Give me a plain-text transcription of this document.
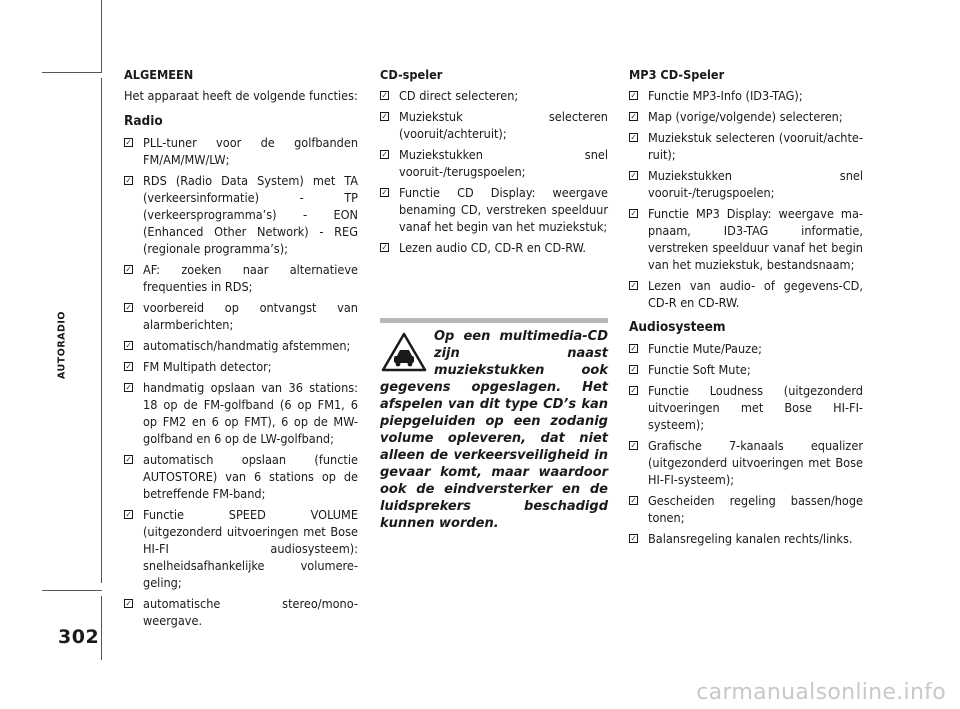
AUTORADIO
302
ALGEMEEN

Het apparaat heeft de volgende functies:

Radio
✓
PLL-tuner voor de golfbanden FM/AM/MW/LW;
✓
RDS (Radio Data System) met TA (verkeersinformatie) - TP (verkeersprogramma’s) - EON (Enhanced Other Network) - REG (regionale programma’s);
✓
AF: zoeken naar alternatieve frequenties in RDS;
✓
voorbereid op ontvangst van alarmberichten;
✓
automatisch/handmatig afstemmen;
✓
FM Multipath detector;
✓
handmatig opslaan van 36 stations: 18 op de FM-golfband (6 op FM1, 6 op FM2 en 6 op FMT), 6 op de MW-golfband en 6 op de LW-golfband;
✓
automatisch opslaan (functie AUTOSTORE) van 6 stations op de betreffende FM-band;
✓
Functie SPEED VOLUME (uitgezonderd uitvoeringen met Bose HI-FI audiosysteem): snelheidsafhankelijke volumeregeling;
✓
automatische stereo/mono-weergave.
CD-speler
✓
CD direct selecteren;
✓
Muziekstuk selecteren (vooruit/achteruit);
✓
Muziekstukken snel vooruit-/terugspoelen;
✓
Functie CD Display: weergave benaming CD, verstreken speelduur vanaf het begin van het muziekstuk;
✓
Lezen audio CD, CD-R en CD-RW.
Op een multimedia-CD zijn naast muziekstukken ook gegevens opgeslagen. Het afspelen van dit type CD’s kan piepgeluiden op een zodanig volume opleveren, dat niet alleen de verkeersveiligheid in gevaar komt, maar waardoor ook de eindversterker en de luidsprekers beschadigd kunnen worden.
MP3 CD-Speler
✓
Functie MP3-Info (ID3-TAG);
✓
Map (vorige/volgende) selecteren;
✓
Muziekstuk selecteren (vooruit/achteruit);
✓
Muziekstukken snel vooruit-/terugspoelen;
✓
Functie MP3 Display: weergave mapnaam, ID3-TAG informatie, verstreken speelduur vanaf het begin van het muziekstuk, bestandsnaam;
✓
Lezen van audio- of gegevens-CD, CD-R en CD-RW.
Audiosysteem
✓
Functie Mute/Pauze;
✓
Functie Soft Mute;
✓
Functie Loudness (uitgezonderd uitvoeringen met Bose HI-FI-systeem);
✓
Grafische 7-kanaals equalizer (uitgezonderd uitvoeringen met Bose HI-FI-systeem);
✓
Gescheiden regeling bassen/hoge tonen;
✓
Balansregeling kanalen rechts/links.
carmanualsonline.info
